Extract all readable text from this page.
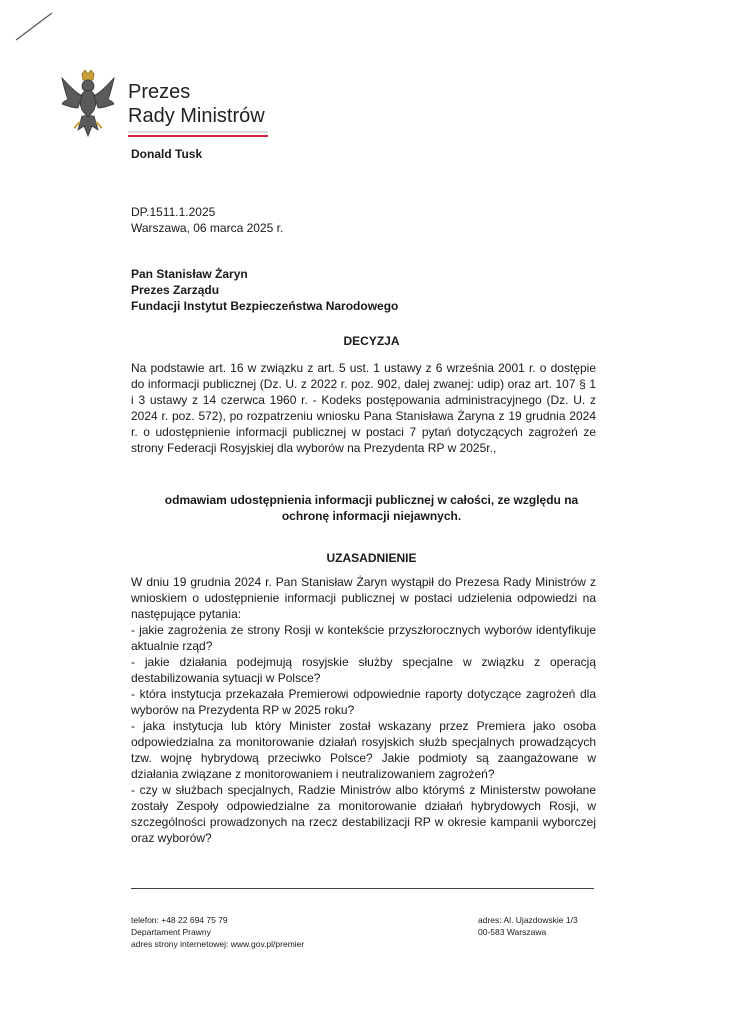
Prezes
Rady Ministrów
Donald Tusk
DP.1511.1.2025
Warszawa, 06 marca 2025 r.
Pan Stanisław Żaryn
Prezes Zarządu
Fundacji Instytut Bezpieczeństwa Narodowego
DECYZJA
Na podstawie art. 16 w związku z art. 5 ust. 1 ustawy z 6 września 2001 r. o dostępie do informacji publicznej (Dz. U. z 2022 r. poz. 902, dalej zwanej: udip) oraz art. 107 § 1 i 3 ustawy z 14 czerwca 1960 r. - Kodeks postępowania administracyjnego (Dz. U. z 2024 r. poz. 572), po rozpatrzeniu wniosku Pana Stanisława Żaryna z 19 grudnia 2024 r. o udostępnienie informacji publicznej w postaci 7 pytań dotyczących zagrożeń ze strony Federacji Rosyjskiej dla wyborów na Prezydenta RP w 2025r.,
odmawiam udostępnienia informacji publicznej w całości, ze względu na ochronę informacji niejawnych.
UZASADNIENIE
W dniu 19 grudnia 2024 r. Pan Stanisław Żaryn wystąpił do Prezesa Rady Ministrów z wnioskiem o udostępnienie informacji publicznej w postaci udzielenia odpowiedzi na następujące pytania:
- jakie zagrożenia ze strony Rosji w kontekście przyszłorocznych wyborów identyfikuje aktualnie rząd?
- jakie działania podejmują rosyjskie służby specjalne w związku z operacją destabilizowania sytuacji w Polsce?
- która instytucja przekazała Premierowi odpowiednie raporty dotyczące zagrożeń dla wyborów na Prezydenta RP w 2025 roku?
- jaka instytucja lub który Minister został wskazany przez Premiera jako osoba odpowiedzialna za monitorowanie działań rosyjskich służb specjalnych prowadzących tzw. wojnę hybrydową przeciwko Polsce? Jakie podmioty są zaangażowane w działania związane z monitorowaniem i neutralizowaniem zagrożeń?
- czy w służbach specjalnych, Radzie Ministrów albo którymś z Ministerstw powołane zostały Zespoły odpowiedzialne za monitorowanie działań hybrydowych Rosji, w szczególności prowadzonych na rzecz destabilizacji RP w okresie kampanii wyborczej oraz wyborów?
telefon: +48 22 694 75 79
Departament Prawny
adres strony internetowej: www.gov.pl/premier
adres: Al. Ujazdowskie 1/3
00-583 Warszawa
